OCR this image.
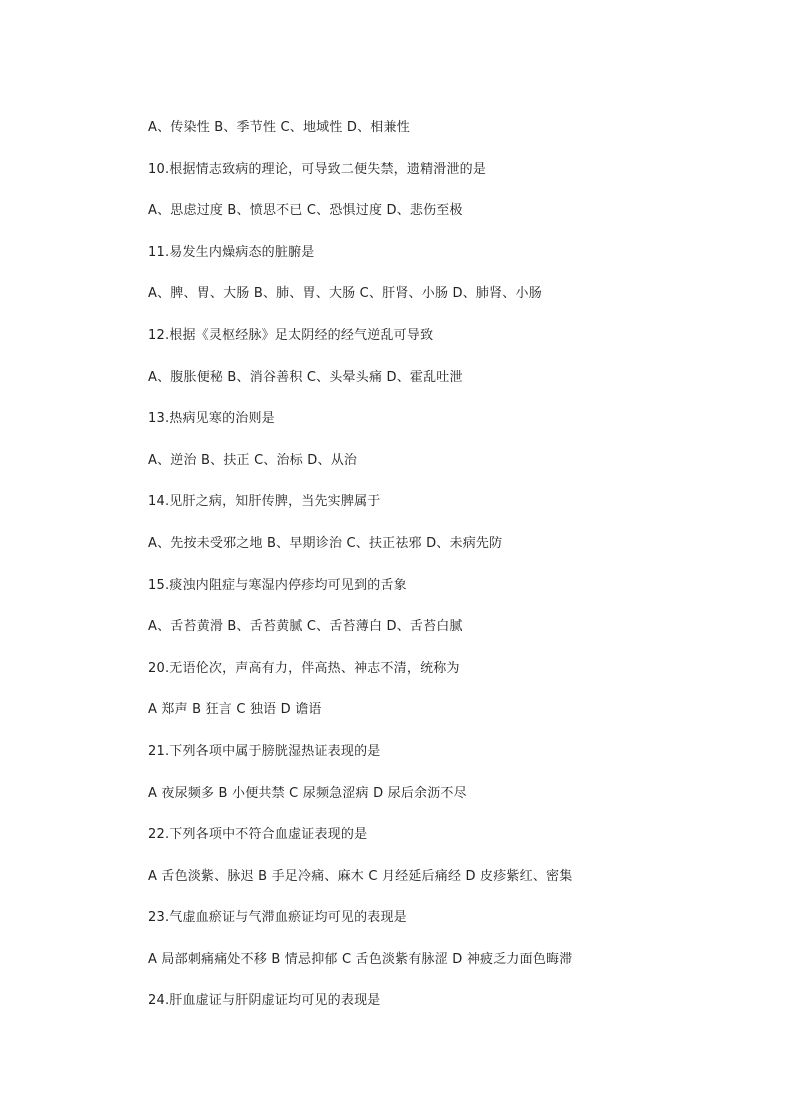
A、传染性 B、季节性 C、地域性 D、相兼性
10.根据情志致病的理论，可导致二便失禁，遗精滑泄的是
A、思虑过度 B、愤思不已 C、恐惧过度 D、悲伤至极
11.易发生内燥病态的脏腑是
A、脾、胃、大肠 B、肺、胃、大肠 C、肝肾、小肠 D、肺肾、小肠
12.根据《灵枢经脉》足太阴经的经气逆乱可导致
A、腹胀便秘 B、消谷善积 C、头晕头痛 D、霍乱吐泄
13.热病见寒的治则是
A、逆治 B、扶正 C、治标 D、从治
14.见肝之病，知肝传脾，当先实脾属于
A、先按未受邪之地 B、早期诊治 C、扶正祛邪 D、未病先防
15.痰浊内阻症与寒湿内停疹均可见到的舌象
A、舌苔黄滑 B、舌苔黄腻 C、舌苔薄白 D、舌苔白腻
20.无语伦次，声高有力，伴高热、神志不清，统称为
A 郑声 B 狂言 C 独语 D 谵语
21.下列各项中属于膀胱湿热证表现的是
A 夜尿频多 B 小便共禁 C 尿频急涩病 D 尿后余沥不尽
22.下列各项中不符合血虚证表现的是
A 舌色淡紫、脉迟 B 手足冷痛、麻木 C 月经延后痛经 D 皮疹紫红、密集
23.气虚血瘀证与气滞血瘀证均可见的表现是
A 局部刺痛痛处不移 B 情忌抑郁 C 舌色淡紫有脉涩 D 神疲乏力面色晦滞
24.肝血虚证与肝阴虚证均可见的表现是
